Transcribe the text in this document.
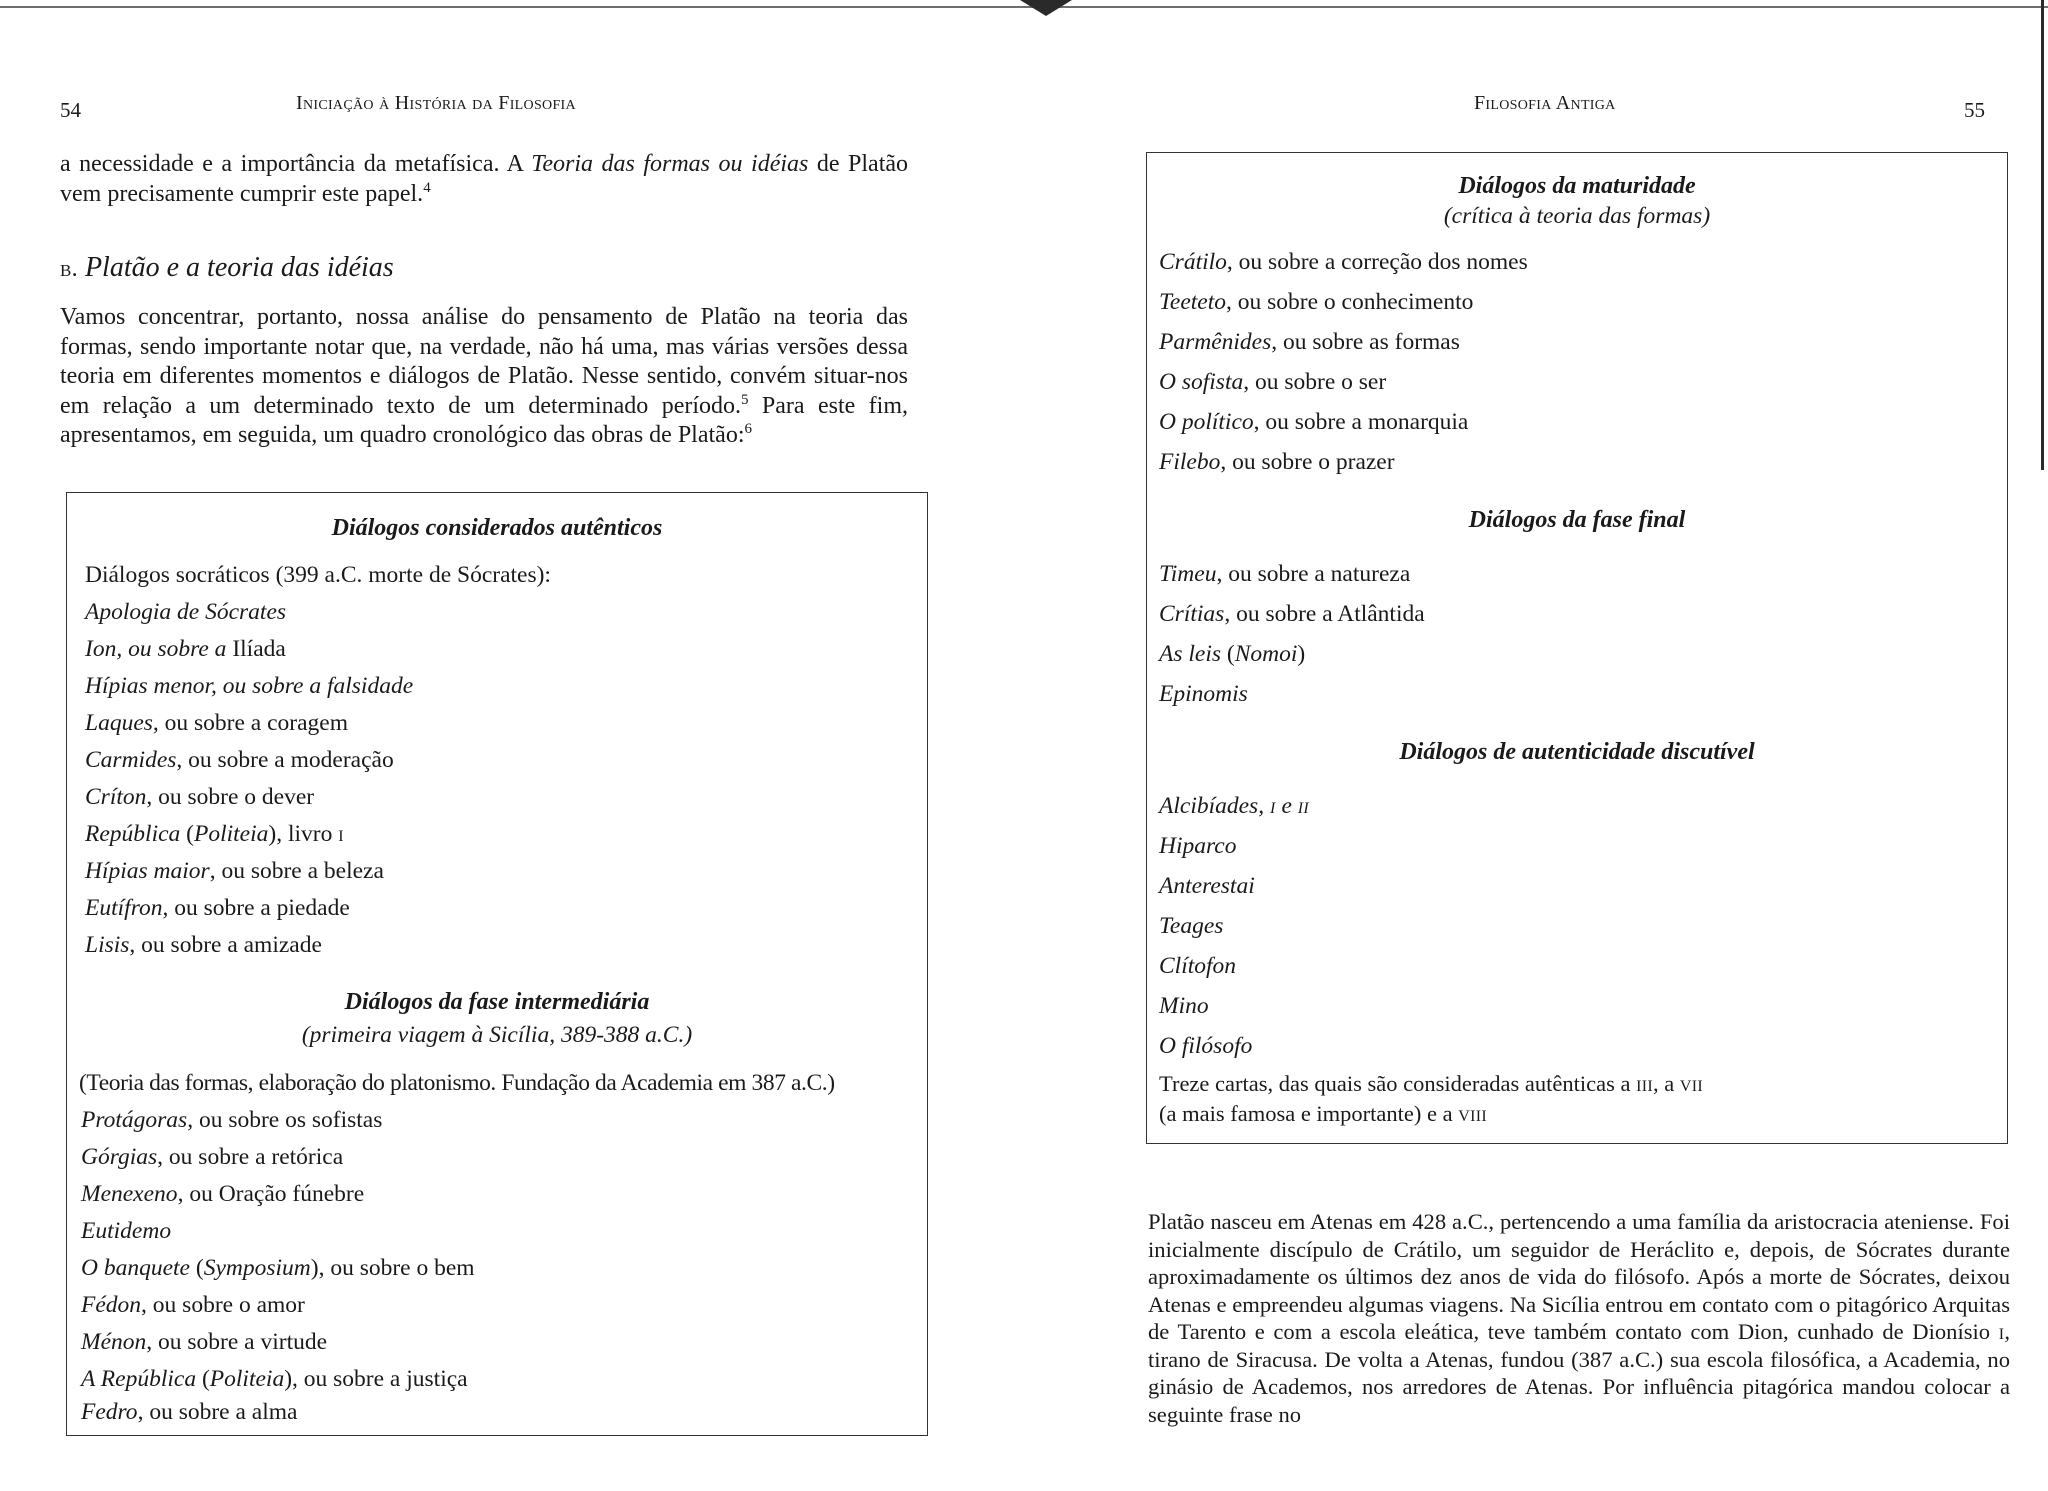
54	Iniciação à História da Filosofia

a necessidade e a importância da metafísica. A Teoria das formas ou idéias de Platão vem precisamente cumprir este papel.$^4$

b. Platão e a teoria das idéias

Vamos concentrar, portanto, nossa análise do pensamento de Platão na teoria das formas, sendo importante notar que, na verdade, não há uma, mas várias versões dessa teoria em diferentes momentos e diálogos de Platão. Nesse sentido, convém situar-nos em relação a um determinado texto de um determinado período.$^5$ Para este fim, apresentamos, em seguida, um quadro cronológico das obras de Platão:$^6$

Diálogos considerados autênticos
Diálogos socráticos (399 a.C. morte de Sócrates):
Apologia de Sócrates
Ion, ou sobre a Ilíada
Hípias menor, ou sobre a falsidade
Laques, ou sobre a coragem
Carmides, ou sobre a moderação
Críton, ou sobre o dever
República (Politeia), livro i
Hípias maior, ou sobre a beleza
Eutífron, ou sobre a piedade
Lisis, ou sobre a amizade
Diálogos da fase intermediária
(primeira viagem à Sicília, 389-388 a.C.)
(Teoria das formas, elaboração do platonismo. Fundação da Academia em 387 a.C.)
Protágoras, ou sobre os sofistas
Górgias, ou sobre a retórica
Menexeno, ou Oração fúnebre
Eutidemo
O banquete (Symposium), ou sobre o bem
Fédon, ou sobre o amor
Ménon, ou sobre a virtude
A República (Politeia), ou sobre a justiça
Fedro, ou sobre a alma
Filosofia Antiga	55
Diálogos da maturidade
(crítica à teoria das formas)
Crátilo, ou sobre a correção dos nomes
Teeteto, ou sobre o conhecimento
Parmênides, ou sobre as formas
O sofista, ou sobre o ser
O político, ou sobre a monarquia
Filebo, ou sobre o prazer
Diálogos da fase final
Timeu, ou sobre a natureza
Crítias, ou sobre a Atlântida
As leis (Nomoi)
Epinomis
Diálogos de autenticidade discutível
Alcibíades, i e ii
Hiparco
Anterestai
Teages
Clítofon
Mino
O filósofo
Treze cartas, das quais são consideradas autênticas a iii, a vii
(a mais famosa e importante) e a viii

Platão nasceu em Atenas em 428 a.C., pertencendo a uma família da aristocracia ateniense. Foi inicialmente discípulo de Crátilo, um seguidor de Heráclito e, depois, de Sócrates durante aproximadamente os últimos dez anos de vida do filósofo. Após a morte de Sócrates, deixou Atenas e empreendeu algumas viagens. Na Sicília entrou em contato com o pitagórico Arquitas de Tarento e com a escola eleática, teve também contato com Dion, cunhado de Dionísio i, tirano de Siracusa. De volta a Atenas, fundou (387 a.C.) sua escola filosófica, a Academia, no ginásio de Academos, nos arredores de Atenas. Por influência pitagórica mandou colocar a seguinte frase no
